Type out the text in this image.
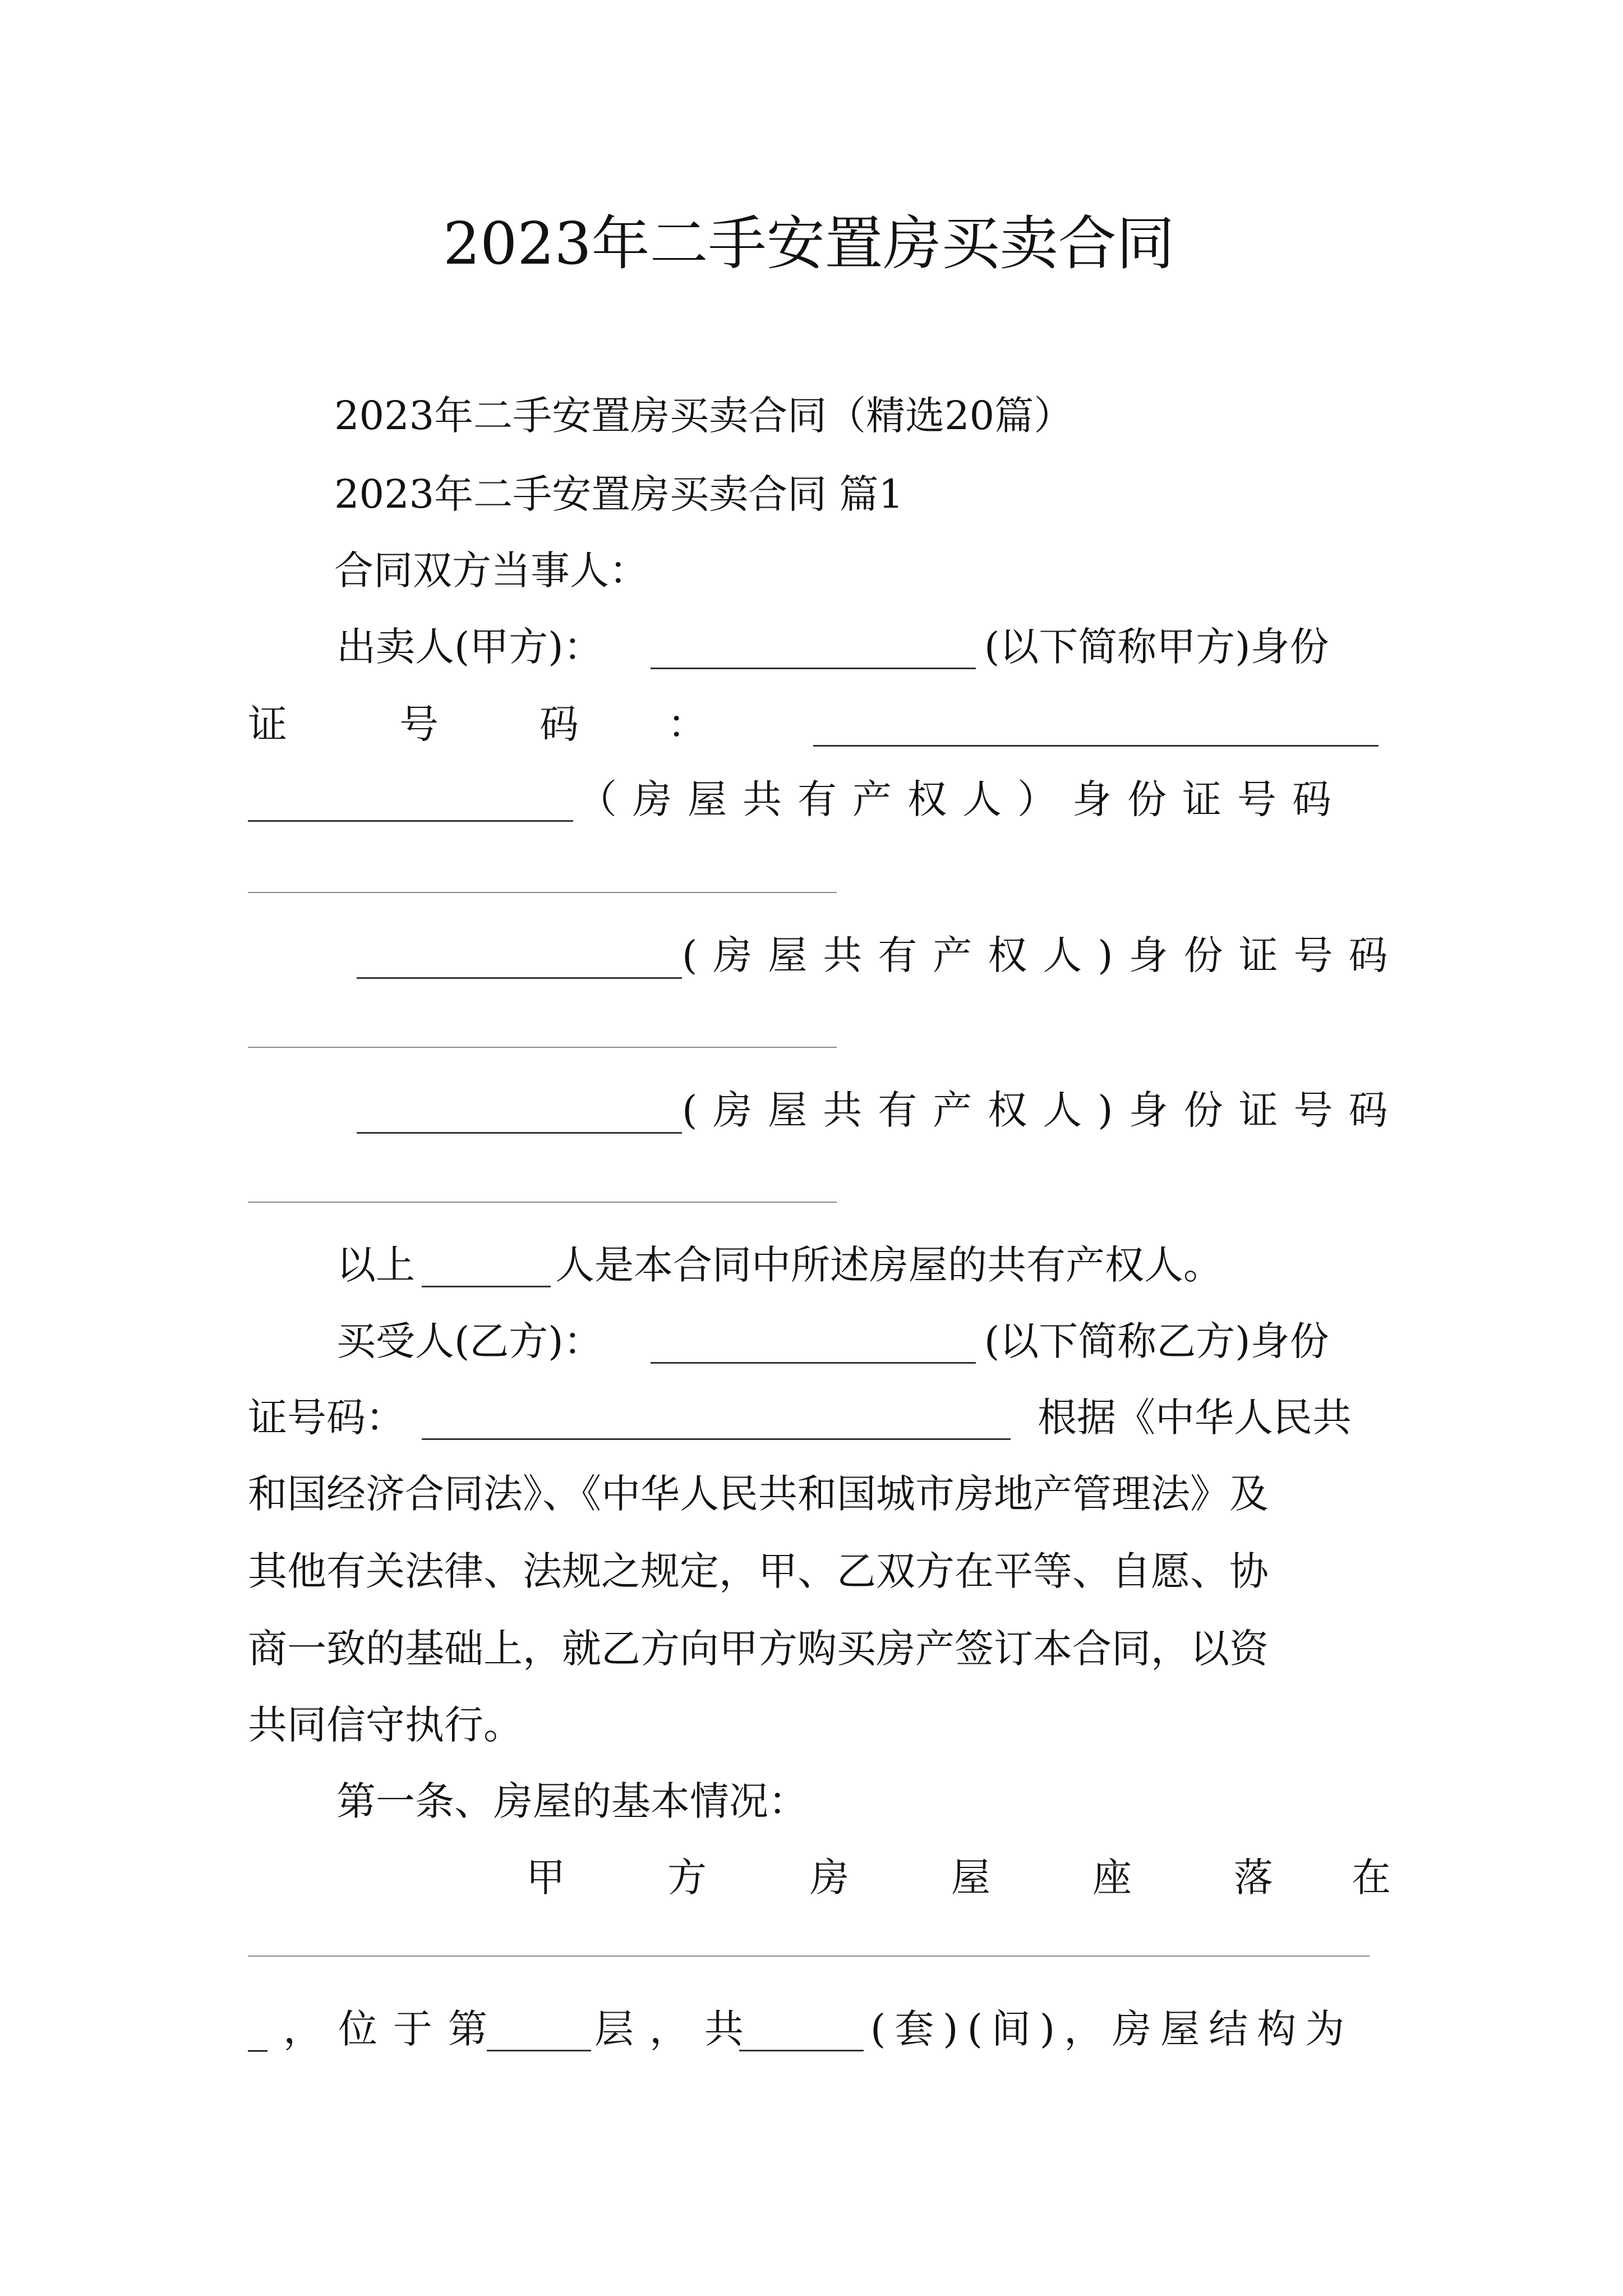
2023年二手安置房买卖合同
2023年二手安置房买卖合同（精选20篇）
2023年二手安置房买卖合同 篇1
合同双方当事人：
出卖人(甲方)：	(以下简称甲方)身份
证	号	码 ：
（房屋共有产权人）身份证号码
(房屋共有产权人)身份证号码
(房屋共有产权人)身份证号码
以上	人是本合同中所述房屋的共有产权人。
买受人(乙方)：	(以下简称乙方)身份
证号码：	根据《中华人民共
和国经济合同法》、《中华人民共和国城市房地产管理法》及
其他有关法律、法规之规定，甲、乙双方在平等、自愿、协
商一致的基础上，就乙方向甲方购买房产签订本合同，以资
共同信守执行。
第一条、房屋的基本情况：
甲	方	房	屋	座	落 在
_，位于第 层，共	(套)(间)，房屋结构为
